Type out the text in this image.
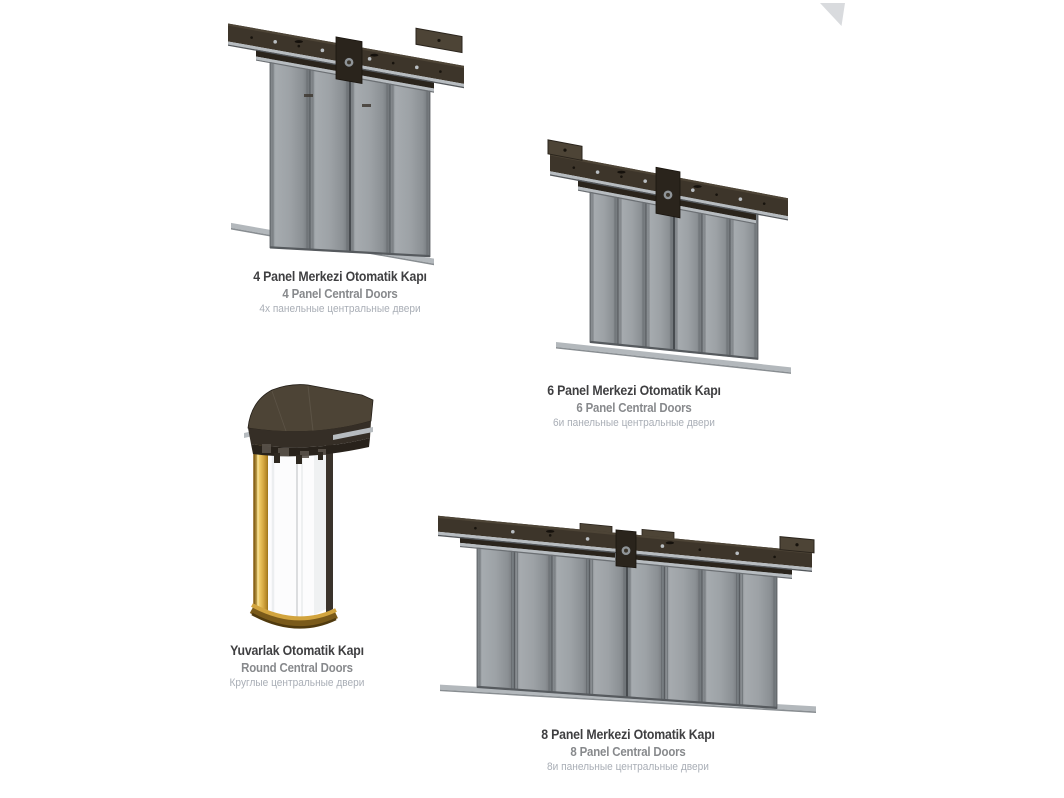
4 Panel Merkezi Otomatik Kapı
4 Panel Central Doors
4x панельные центральные двери
6 Panel Merkezi Otomatik Kapı
6 Panel Central Doors
6и панельные центральные двери
Yuvarlak Otomatik Kapı
Round Central Doors
Круглые центральные двери
8 Panel Merkezi Otomatik Kapı
8 Panel Central Doors
8и панельные центральные двери
